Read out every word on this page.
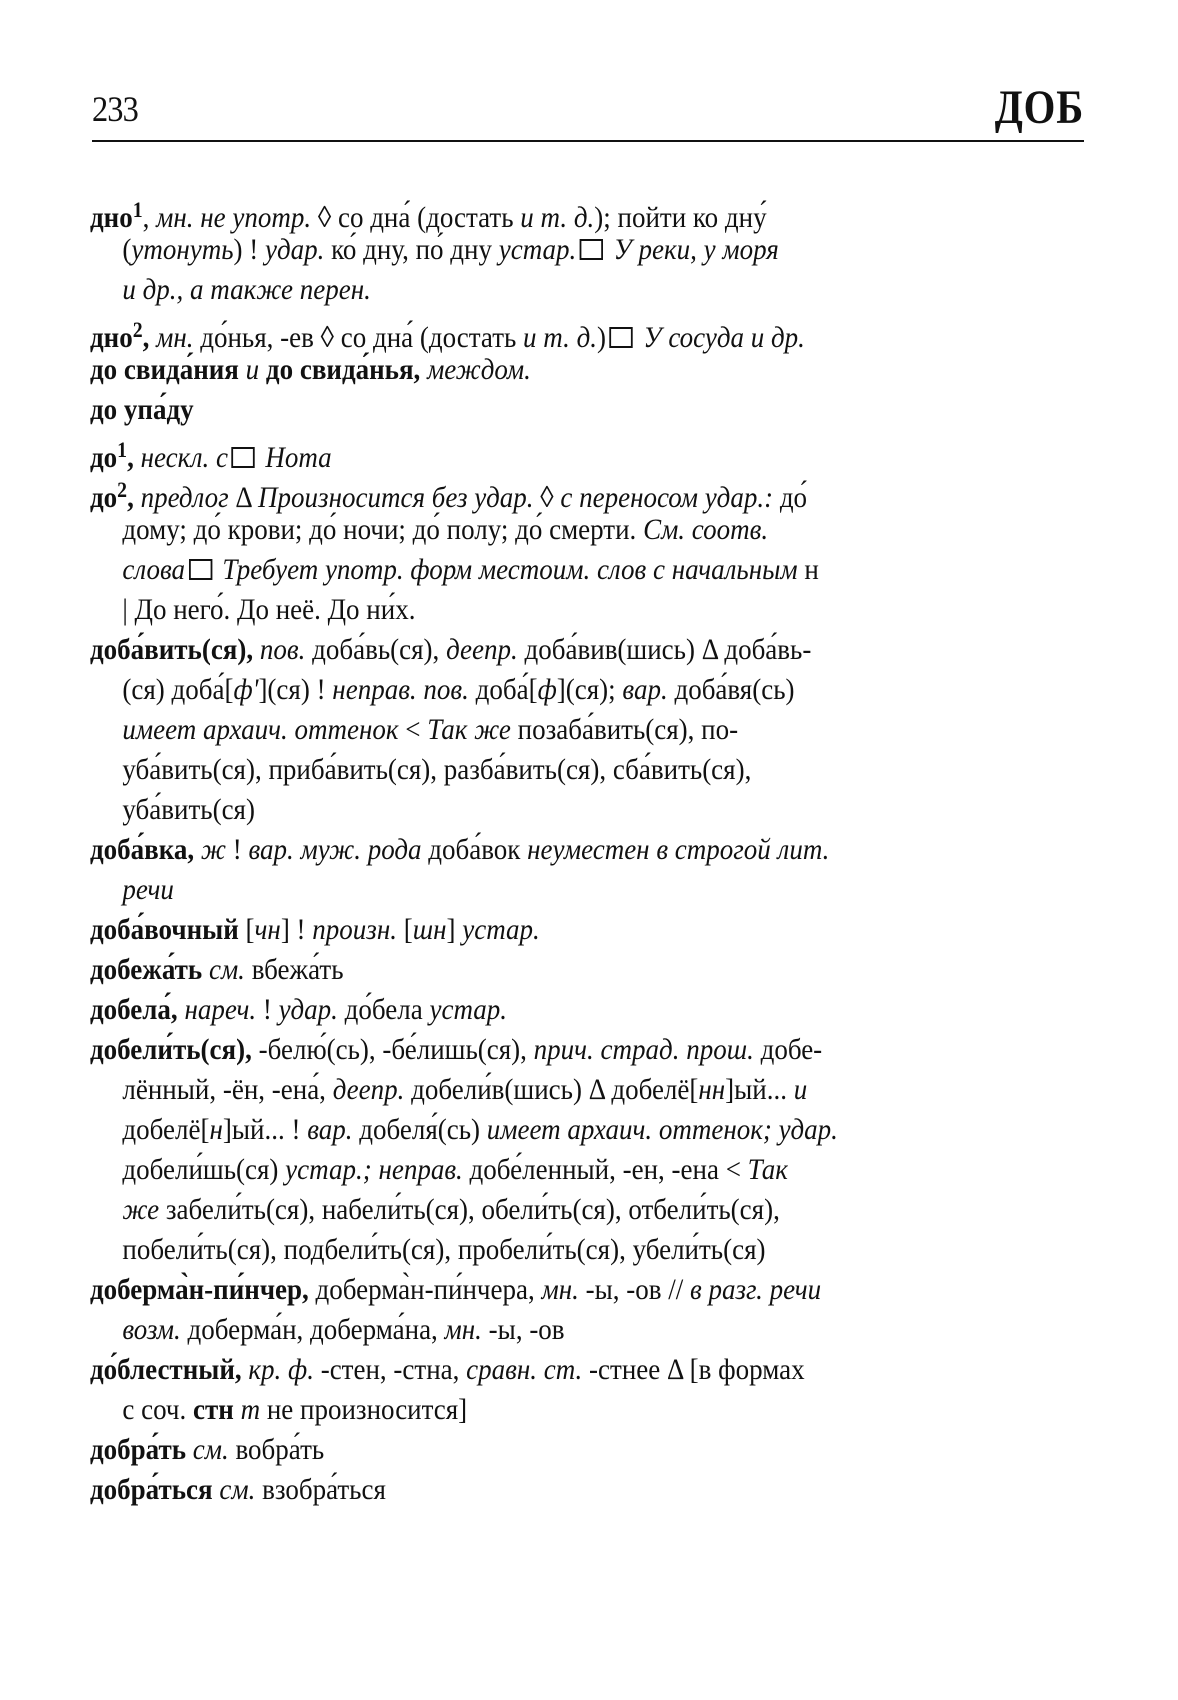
233	ДОБ
дно$^1$, мн. не употр. ◊ со дна́ (достать и т. д.); пойти ко дну́
(утонуть) ! удар. ко́ дну, по́ дну устар. У реки, у моря
и др., а также перен.
дно$^2$, мн. до́нья, -ев ◊ со дна́ (достать и т. д.) У сосуда и др.
до свида́ния и до свида́нья, междом.
до упа́ду
$до^1$, нескл. с Нота
$до^2$, предлог Δ Произносится без удар. ◊ с переносом удар.: до́
дому; до́ крови; до́ ночи; до́ полу; до́ смерти. См. соотв.
слова Требует употр. форм местоим. слов с начальным н
| До него́. До неё. До ни́х.
доба́вить(ся), пов. доба́вь(ся), деепр. доба́вив(шись) Δ доба́вь-
(ся) доба́[ф'](ся) ! неправ. пов. доба́[ф](ся); вар. доба́вя(сь)
имеет архаич. оттенок < Так же позаба́вить(ся), по-
уба́вить(ся), приба́вить(ся), разба́вить(ся), сба́вить(ся),
уба́вить(ся)
доба́вка, ж ! вар. муж. рода доба́вок неуместен в строгой лит.
речи
доба́вочный [чн] ! произн. [шн] устар.
добежа́ть см. вбежа́ть
добела́, нареч. ! удар. до́бела устар.
добели́ть(ся), -белю́(сь), -бе́лишь(ся), прич. страд. прош. добе-
лённый, -ён, -ена́, деепр. добели́в(шись) Δ добелё[нн]ый... и
добелё[н]ый... ! вар. добеля́(сь) имеет архаич. оттенок; удар.
добели́шь(ся) устар.; неправ. добе́ленный, -ен, -ена < Так
же забели́ть(ся), набели́ть(ся), обели́ть(ся), отбели́ть(ся),
побели́ть(ся), подбели́ть(ся), пробели́ть(ся), убели́ть(ся)
доберма̀н-пи́нчер, доберма̀н-пи́нчера, мн. -ы, -ов // в разг. речи
возм. доберма́н, доберма́на, мн. -ы, -ов
до́блестный, кр. ф. -стен, -стна, сравн. ст. -стнее Δ [в формах
с соч. стн т не произносится]
добра́ть см. вобра́ть
добра́ться см. взобра́ться
